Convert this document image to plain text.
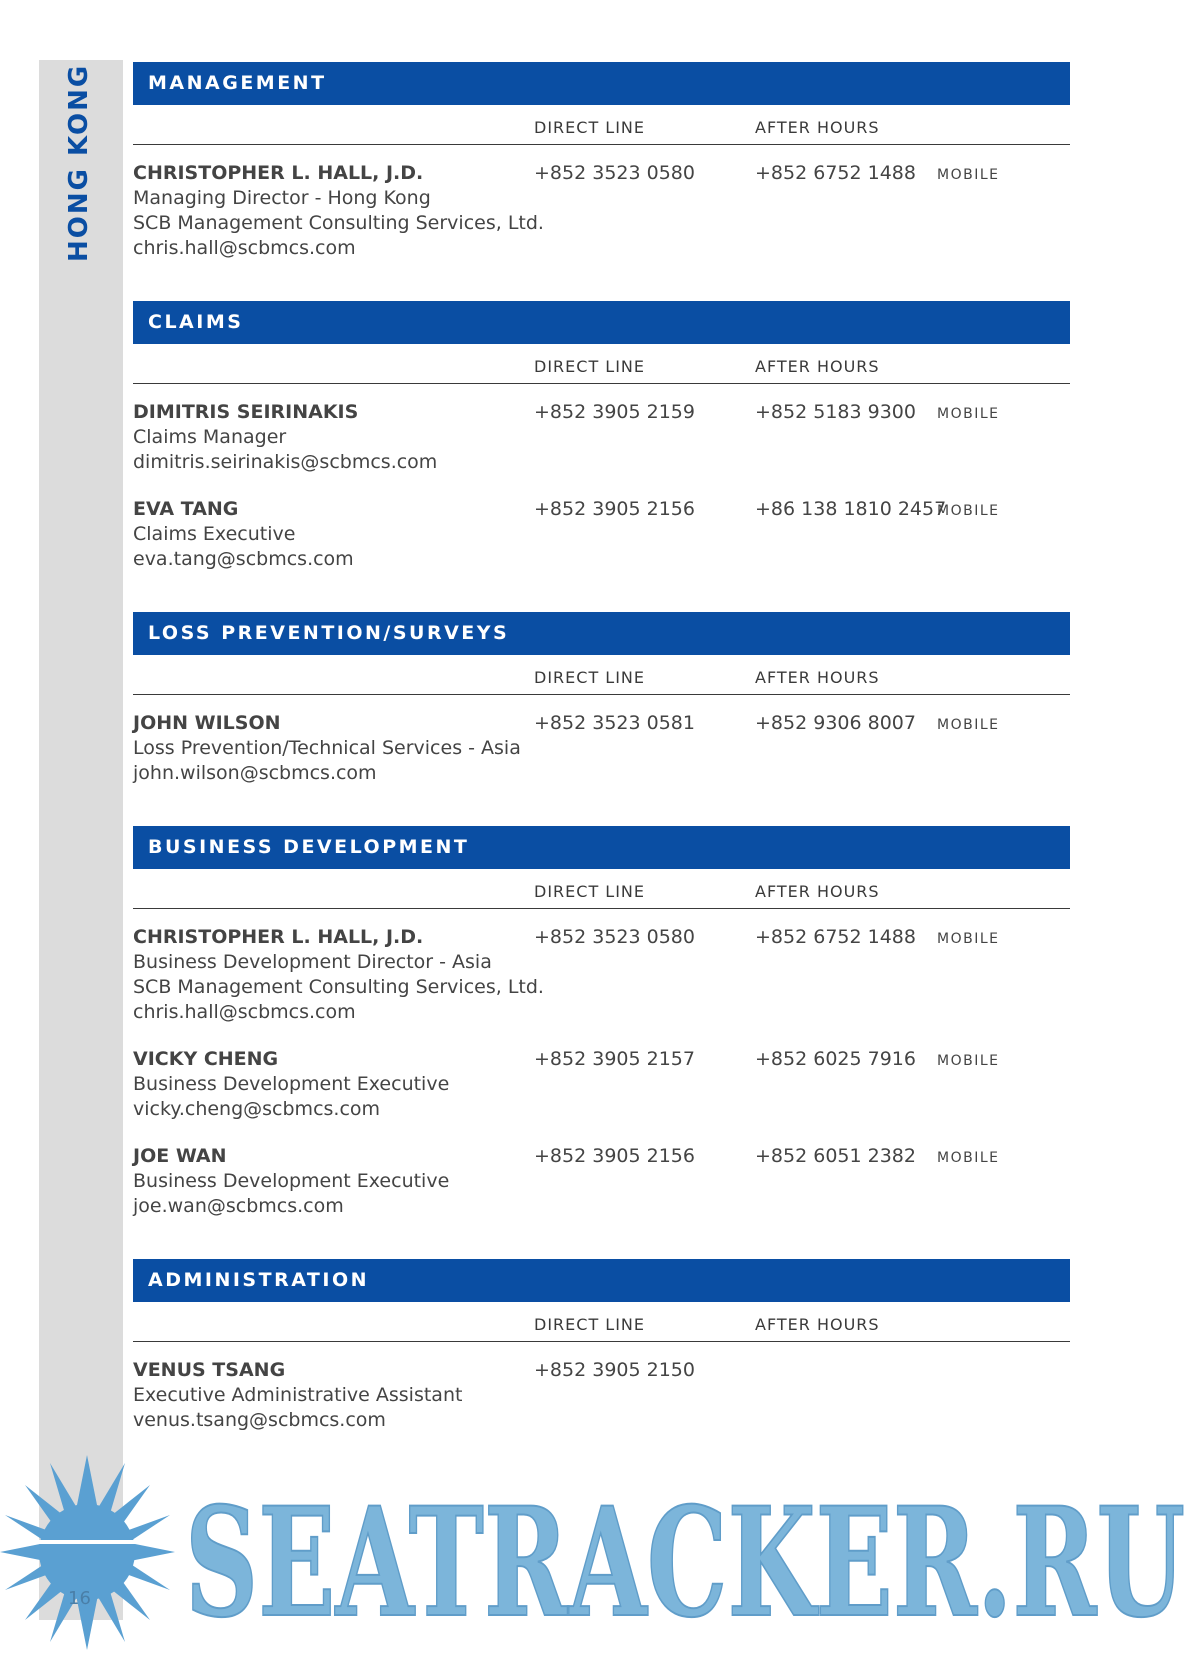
HONG KONG	MANAGEMENT
DIRECT LINE	AFTER HOURS
CHRISTOPHER L. HALL, J.D.
Managing Director - Hong Kong
SCB Management Consulting Services, Ltd.
chris.hall@scbmcs.com
+852 3523 0580	+852 6752 1488 MOBILE
CLAIMS
DIRECT LINE	AFTER HOURS
DIMITRIS SEIRINAKIS
Claims Manager
dimitris.seirinakis@scbmcs.com
+852 3905 2159	+852 5183 9300 MOBILE
EVA TANG
Claims Executive
eva.tang@scbmcs.com
+852 3905 2156	+86 138 1810 2457
MOBILE
LOSS PREVENTION/SURVEYS
DIRECT LINE	AFTER HOURS
JOHN WILSON
Loss Prevention/Technical Services - Asia
john.wilson@scbmcs.com
+852 3523 0581	+852 9306 8007 MOBILE
BUSINESS DEVELOPMENT
DIRECT LINE	AFTER HOURS
CHRISTOPHER L. HALL, J.D.
Business Development Director - Asia
SCB Management Consulting Services, Ltd.
chris.hall@scbmcs.com
+852 3523 0580	+852 6752 1488 MOBILE
VICKY CHENG
Business Development Executive
vicky.cheng@scbmcs.com
+852 3905 2157	+852 6025 7916 MOBILE
JOE WAN
Business Development Executive
joe.wan@scbmcs.com
+852 3905 2156	+852 6051 2382 MOBILE
ADMINISTRATION
DIRECT LINE	AFTER HOURS
VENUS TSANG
Executive Administrative Assistant
venus.tsang@scbmcs.com
+852 3905 2150
16 SEATRACKER.RU
